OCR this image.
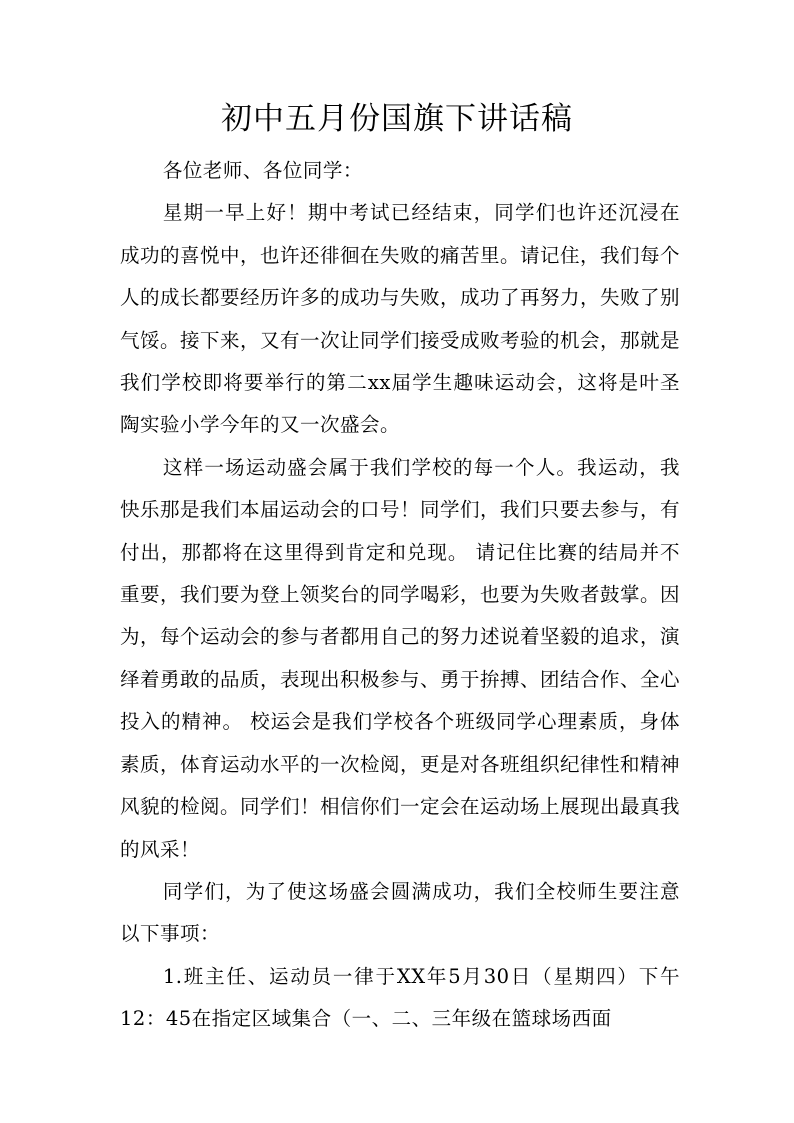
初中五月份国旗下讲话稿

各位老师、各位同学：

星期一早上好！期中考试已经结束，同学们也许还沉浸在成功的喜悦中，也许还徘徊在失败的痛苦里。请记住，我们每个人的成长都要经历许多的成功与失败，成功了再努力，失败了别气馁。接下来，又有一次让同学们接受成败考验的机会，那就是我们学校即将要举行的第二xx届学生趣味运动会，这将是叶圣陶实验小学今年的又一次盛会。

这样一场运动盛会属于我们学校的每一个人。我运动，我快乐那是我们本届运动会的口号！同学们，我们只要去参与，有付出，那都将在这里得到肯定和兑现。 请记住比赛的结局并不重要，我们要为登上领奖台的同学喝彩，也要为失败者鼓掌。因为，每个运动会的参与者都用自己的努力述说着坚毅的追求，演绎着勇敢的品质，表现出积极参与、勇于拚搏、团结合作、全心投入的精神。 校运会是我们学校各个班级同学心理素质，身体素质，体育运动水平的一次检阅，更是对各班组织纪律性和精神风貌的检阅。同学们！相信你们一定会在运动场上展现出最真我的风采！

同学们，为了使这场盛会圆满成功，我们全校师生要注意以下事项：

1.班主任、运动员一律于XX年5月30日（星期四）下午12：45在指定区域集合（一、二、三年级在篮球场西面
